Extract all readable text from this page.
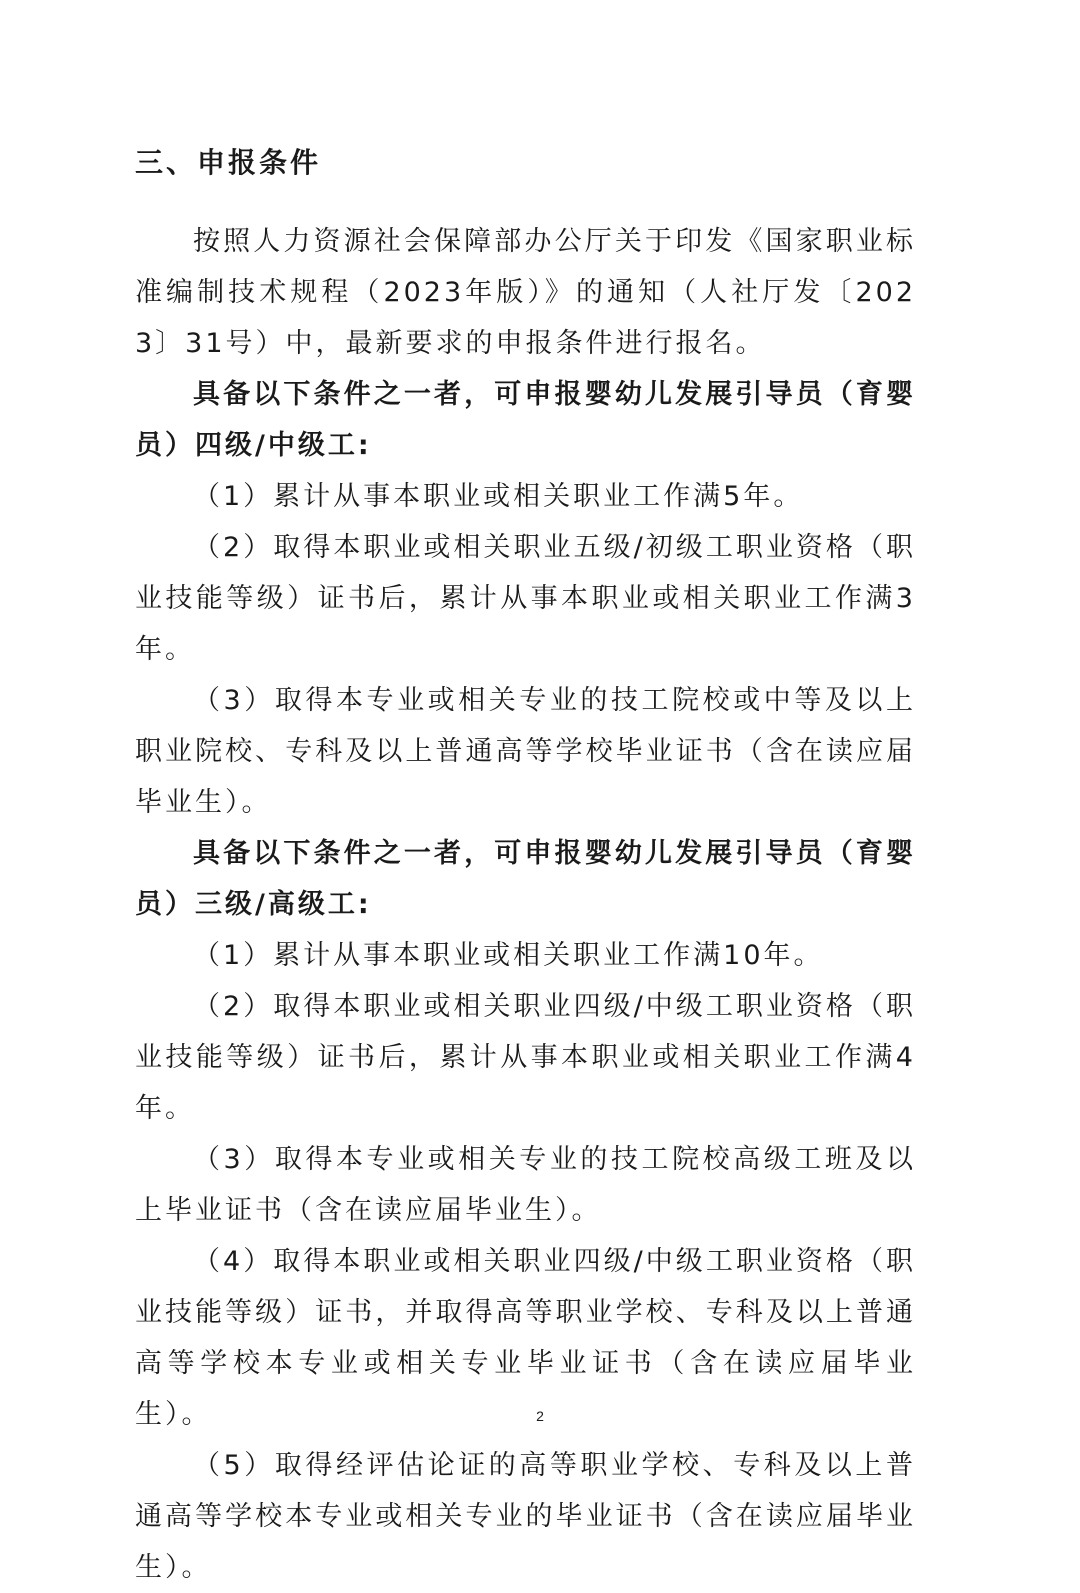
三、申报条件

按照人力资源社会保障部办公厅关于印发《国家职业标准编制技术规程（2023年版）》的通知（人社厅发〔2023〕31号）中，最新要求的申报条件进行报名。

具备以下条件之一者，可申报婴幼儿发展引导员（育婴员）四级/中级工:

（1）累计从事本职业或相关职业工作满5年。

（2）取得本职业或相关职业五级/初级工职业资格（职业技能等级）证书后，累计从事本职业或相关职业工作满3年。

（3）取得本专业或相关专业的技工院校或中等及以上职业院校、专科及以上普通高等学校毕业证书（含在读应届毕业生）。

具备以下条件之一者，可申报婴幼儿发展引导员（育婴员）三级/高级工:

（1）累计从事本职业或相关职业工作满10年。

（2）取得本职业或相关职业四级/中级工职业资格（职业技能等级）证书后，累计从事本职业或相关职业工作满4年。

（3）取得本专业或相关专业的技工院校高级工班及以上毕业证书（含在读应届毕业生）。

（4）取得本职业或相关职业四级/中级工职业资格（职业技能等级）证书，并取得高等职业学校、专科及以上普通高等学校本专业或相关专业毕业证书（含在读应届毕业生）。

（5）取得经评估论证的高等职业学校、专科及以上普通高等学校本专业或相关专业的毕业证书（含在读应届毕业生）。

2
